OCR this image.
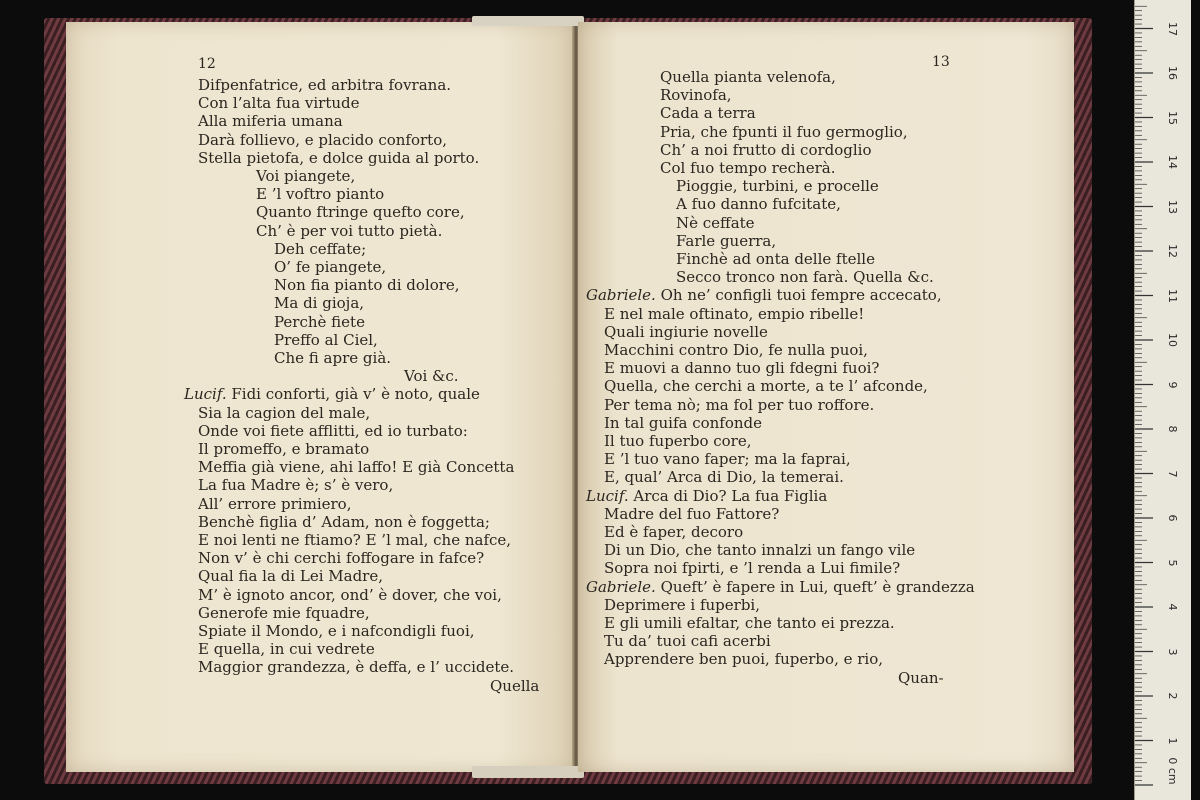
12
Difpenfatrice, ed arbitra fovrana.
Con l’alta fua virtude
Alla miferia umana
Darà follievo, e placido conforto,
Stella pietofa, e dolce guida al porto.
Voi piangete,
E ’l voftro pianto
Quanto ftringe quefto core,
Ch’ è per voi tutto pietà.
Deh ceffate;
O’ fe piangete,
Non fia pianto di dolore,
Ma di gioja,
Perchè fiete
Preffo al Ciel,
Che fi apre già.
Voi &c.
Lucif. Fidi conforti, già v’ è noto, quale
Sia la cagion del male,
Onde voi fiete afflitti, ed io turbato:
Il promeffo, e bramato
Meffia già viene, ahi laffo! E già Concetta
La fua Madre è; s’ è vero,
All’ errore primiero,
Benchè figlia d’ Adam, non è foggetta;
E noi lenti ne ftiamo? E ’l mal, che nafce,
Non v’ è chi cerchi foffogare in fafce?
Qual fia la di Lei Madre,
M’ è ignoto ancor, ond’ è dover, che voi,
Generofe mie fquadre,
Spiate il Mondo, e i nafcondigli fuoi,
E quella, in cui vedrete
Maggior grandezza, è deffa, e l’ uccidete.
Quella
13
Quella pianta velenofa,
Rovinofa,
Cada a terra
Pria, che fpunti il fuo germoglio,
Ch’ a noi frutto di cordoglio
Col fuo tempo recherà.
Pioggie, turbini, e procelle
A fuo danno fufcitate,
Nè ceffate
Farle guerra,
Finchè ad onta delle ftelle
Secco tronco non farà. Quella &c.
Gabriele. Oh ne’ configli tuoi fempre accecato,
E nel male oftinato, empio ribelle!
Quali ingiurie novelle
Macchini contro Dio, fe nulla puoi,
E muovi a danno tuo gli fdegni fuoi?
Quella, che cerchi a morte, a te l’ afconde,
Per tema nò; ma fol per tuo roffore.
In tal guifa confonde
Il tuo fuperbo core,
E ’l tuo vano faper; ma la faprai,
E, qual’ Arca di Dio, la temerai.
Lucif. Arca di Dio? La fua Figlia
Madre del fuo Fattore?
Ed è faper, decoro
Di un Dio, che tanto innalzi un fango vile
Sopra noi fpirti, e ’l renda a Lui fimile?
Gabriele. Queft’ è fapere in Lui, queft’ è grandezza
Deprimere i fuperbi,
E gli umili efaltar, che tanto ei prezza.
Tu da’ tuoi cafi acerbi
Apprendere ben puoi, fuperbo, e rio,
Quan-
0 cm
1
2
3
4
5
6
7
8
9
10
11
12
13
14
15
16
17
